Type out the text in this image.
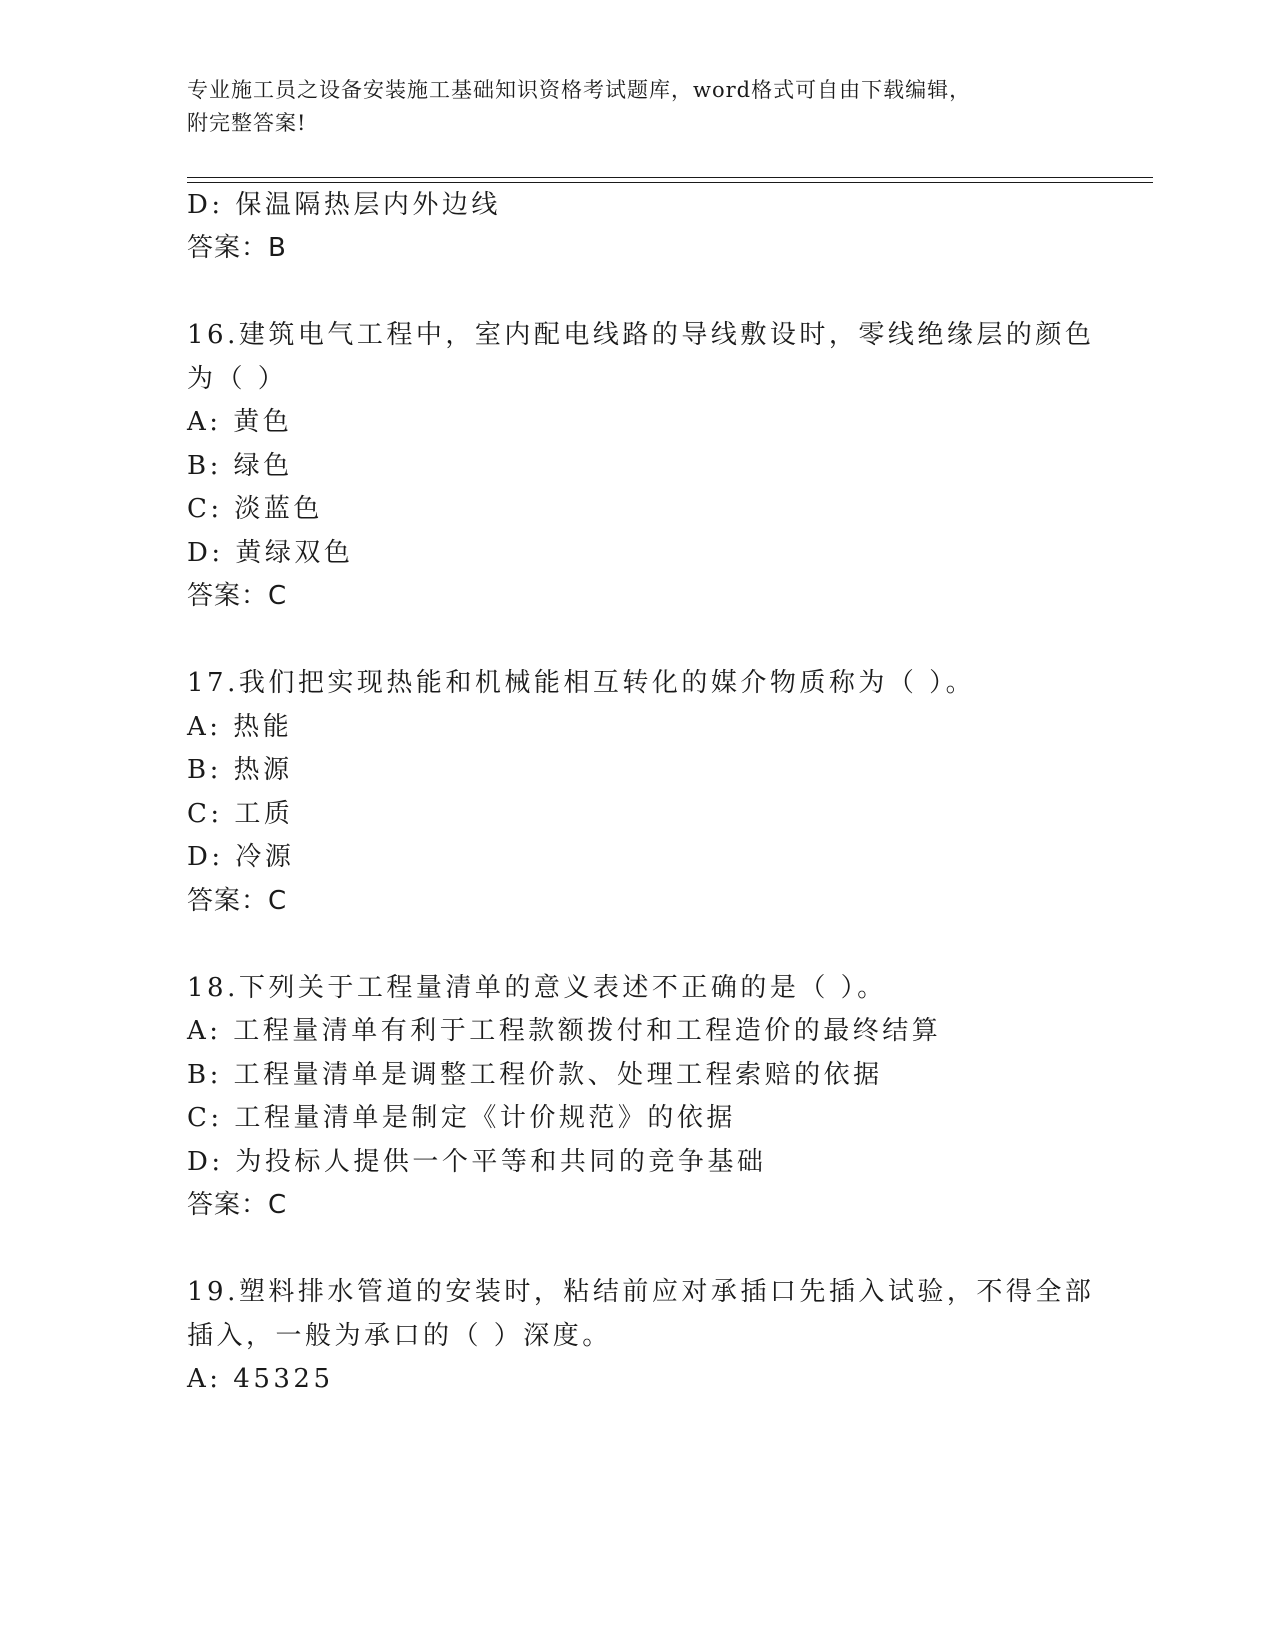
专业施工员之设备安装施工基础知识资格考试题库，word格式可自由下载编辑，
附完整答案!
D: 保温隔热层内外边线
答案：B
16.建筑电气工程中，室内配电线路的导线敷设时，零线绝缘层的颜色
为（ ）
A: 黄色
B: 绿色
C: 淡蓝色
D: 黄绿双色
答案：C
17.我们把实现热能和机械能相互转化的媒介物质称为（ ）。
A: 热能
B: 热源
C: 工质
D: 冷源
答案：C
18.下列关于工程量清单的意义表述不正确的是（ ）。
A: 工程量清单有利于工程款额拨付和工程造价的最终结算
B: 工程量清单是调整工程价款、处理工程索赔的依据
C: 工程量清单是制定《计价规范》的依据
D: 为投标人提供一个平等和共同的竞争基础
答案：C
19.塑料排水管道的安装时，粘结前应对承插口先插入试验，不得全部
插入，一般为承口的（ ）深度。
A: 45325
